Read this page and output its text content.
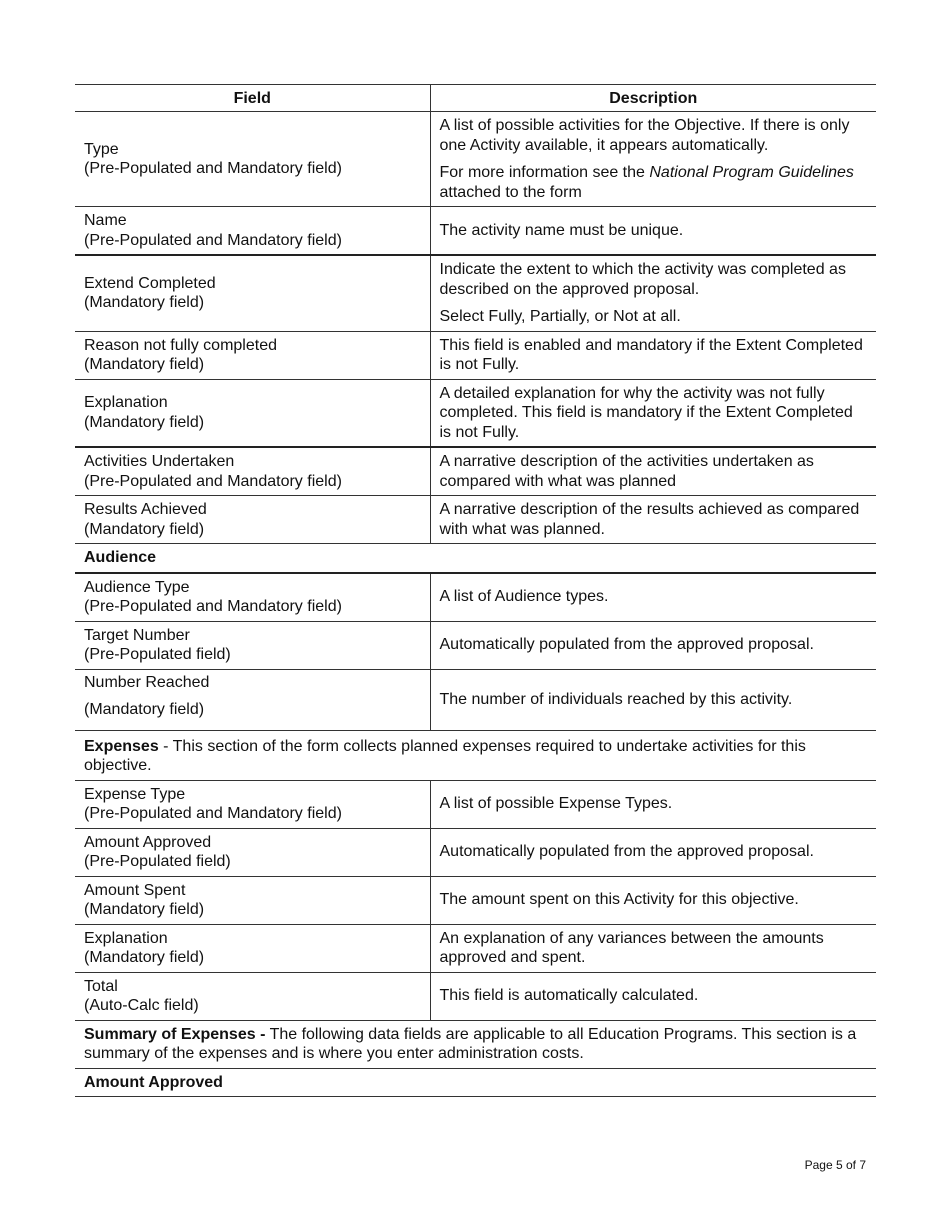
Field	Description

Type
(Pre-Populated and Mandatory field)	A list of possible activities for the Objective. If there is only one Activity available, it appears automatically.
For more information see the National Program Guidelines attached to the form

Name
(Pre-Populated and Mandatory field)	The activity name must be unique.

Extend Completed
(Mandatory field)	Indicate the extent to which the activity was completed as described on the approved proposal.
Select Fully, Partially, or Not at all.

Reason not fully completed
(Mandatory field)	This field is enabled and mandatory if the Extent Completed is not Fully.

Explanation
(Mandatory field)	A detailed explanation for why the activity was not fully completed. This field is mandatory if the Extent Completed is not Fully.

Activities Undertaken
(Pre-Populated and Mandatory field)	A narrative description of the activities undertaken as compared with what was planned

Results Achieved
(Mandatory field)	A narrative description of the results achieved as compared with what was planned.
Audience	

Audience Type
(Pre-Populated and Mandatory field)	A list of Audience types.

Target Number
(Pre-Populated field)	Automatically populated from the approved proposal.

Number Reached
(Mandatory field)	The number of individuals reached by this activity.
Expenses - This section of the form collects planned expenses required to undertake activities for this objective.	

Expense Type
(Pre-Populated and Mandatory field)	A list of possible Expense Types.

Amount Approved
(Pre-Populated field)	Automatically populated from the approved proposal.

Amount Spent
(Mandatory field)	The amount spent on this Activity for this objective.

Explanation
(Mandatory field)	An explanation of any variances between the amounts approved and spent.

Total
(Auto-Calc field)	This field is automatically calculated.
Summary of Expenses - The following data fields are applicable to all Education Programs. This section is a summary of the expenses and is where you enter administration costs.	
Amount Approved	
Page 5 of 7
